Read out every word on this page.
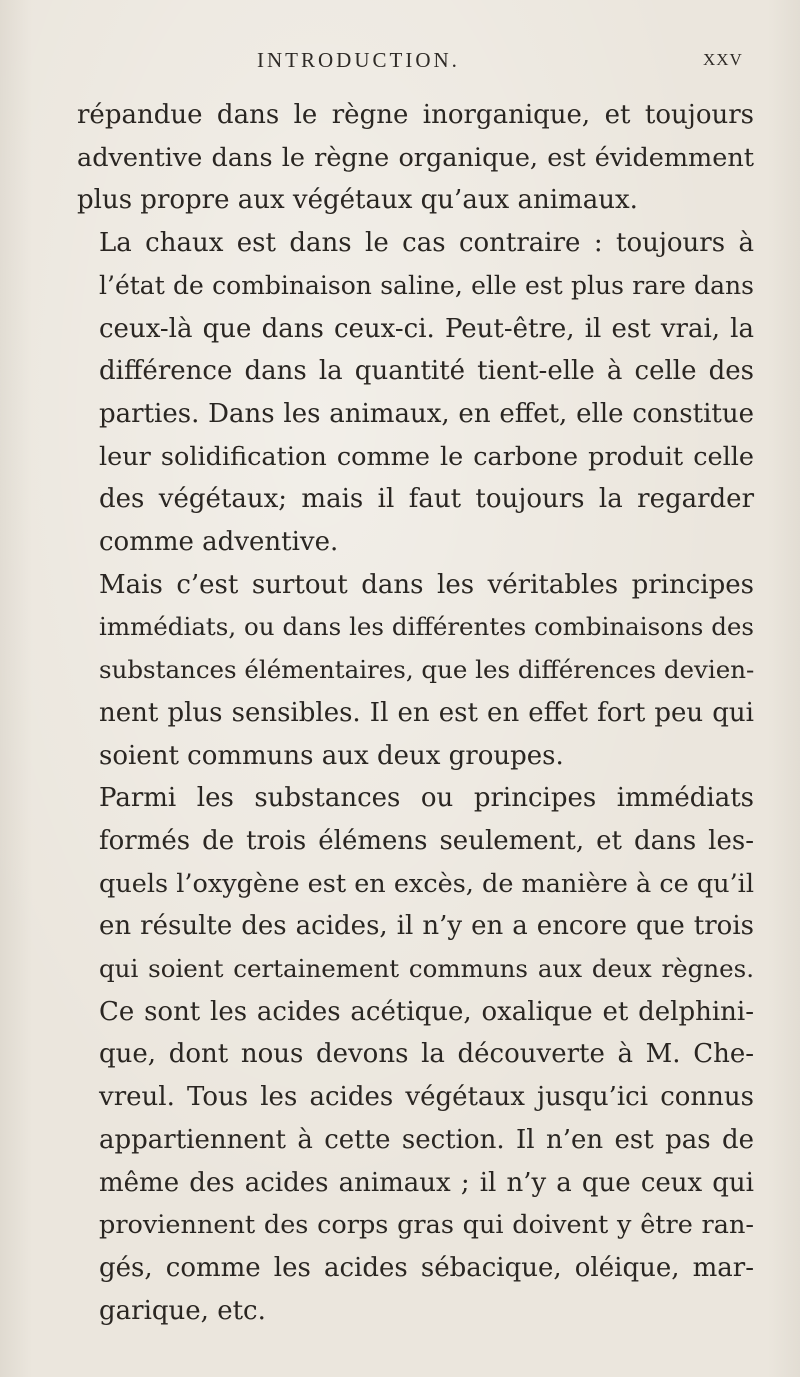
INTRODUCTION.	XXV

répandue dans le règne inorganique, et toujours
adventive dans le règne organique, est évidemment
plus propre aux végétaux qu’aux animaux.

La chaux est dans le cas contraire : toujours à
l’état de combinaison saline, elle est plus rare dans
ceux-là que dans ceux-ci. Peut-être, il est vrai, la
différence dans la quantité tient-elle à celle des
parties. Dans les animaux, en effet, elle constitue
leur solidification comme le carbone produit celle
des végétaux; mais il faut toujours la regarder
comme adventive.

Mais c’est surtout dans les véritables principes
immédiats, ou dans les différentes combinaisons des
substances élémentaires, que les différences devien-
nent plus sensibles. Il en est en effet fort peu qui
soient communs aux deux groupes.

Parmi les substances ou principes immédiats
formés de trois élémens seulement, et dans les-
quels l’oxygène est en excès, de manière à ce qu’il
en résulte des acides, il n’y en a encore que trois
qui soient certainement communs aux deux règnes.
Ce sont les acides acétique, oxalique et delphini-
que, dont nous devons la découverte à M. Che-
vreul. Tous les acides végétaux jusqu’ici connus
appartiennent à cette section. Il n’en est pas de
même des acides animaux ; il n’y a que ceux qui
proviennent des corps gras qui doivent y être ran-
gés, comme les acides sébacique, oléique, mar-
garique, etc.
